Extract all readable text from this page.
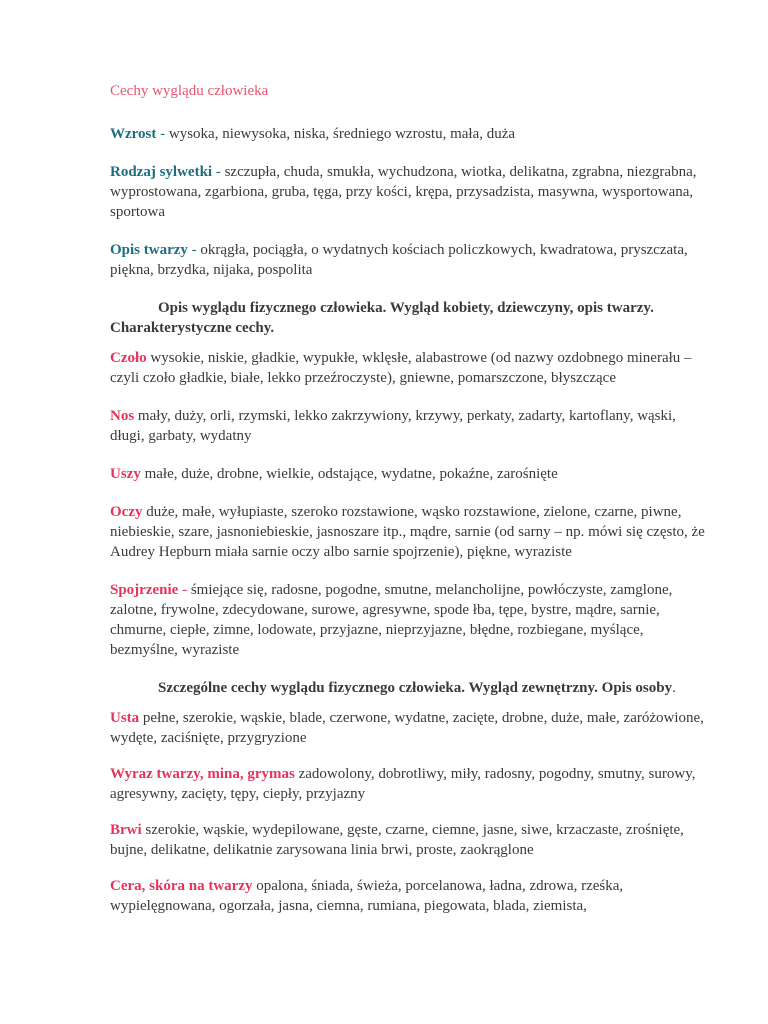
Cechy wyglądu człowieka

Wzrost - wysoka, niewysoka, niska, średniego wzrostu, mała, duża

Rodzaj sylwetki - szczupła, chuda, smukła, wychudzona, wiotka, delikatna, zgrabna, niezgrabna, wyprostowana, zgarbiona, gruba, tęga, przy kości, krępa, przysadzista, masywna, wysportowana, sportowa

Opis twarzy - okrągła, pociągła, o wydatnych kościach policzkowych, kwadratowa, pryszczata, piękna, brzydka, nijaka, pospolita

Opis wyglądu fizycznego człowieka. Wygląd kobiety, dziewczyny, opis twarzy. Charakterystyczne cechy.

Czoło wysokie, niskie, gładkie, wypukłe, wklęsłe, alabastrowe (od nazwy ozdobnego minerału – czyli czoło gładkie, białe, lekko przeźroczyste), gniewne, pomarszczone, błyszczące

Nos mały, duży, orli, rzymski, lekko zakrzywiony, krzywy, perkaty, zadarty, kartoflany, wąski, długi, garbaty, wydatny

Uszy małe, duże, drobne, wielkie, odstające, wydatne, pokaźne, zarośnięte

Oczy duże, małe, wyłupiaste, szeroko rozstawione, wąsko rozstawione, zielone, czarne, piwne, niebieskie, szare, jasnoniebieskie, jasnoszare itp., mądre, sarnie (od sarny – np. mówi się często, że Audrey Hepburn miała sarnie oczy albo sarnie spojrzenie), piękne, wyraziste

Spojrzenie - śmiejące się, radosne, pogodne, smutne, melancholijne, powłóczyste, zamglone, zalotne, frywolne, zdecydowane, surowe, agresywne, spode łba, tępe, bystre, mądre, sarnie, chmurne, ciepłe, zimne, lodowate, przyjazne, nieprzyjazne, błędne, rozbiegane, myślące, bezmyślne, wyraziste

Szczególne cechy wyglądu fizycznego człowieka. Wygląd zewnętrzny. Opis osoby.

Usta pełne, szerokie, wąskie, blade, czerwone, wydatne, zacięte, drobne, duże, małe, zaróżowione, wydęte, zaciśnięte, przygryzione

Wyraz twarzy, mina, grymas zadowolony, dobrotliwy, miły, radosny, pogodny, smutny, surowy, agresywny, zacięty, tępy, ciepły, przyjazny

Brwi szerokie, wąskie, wydepilowane, gęste, czarne, ciemne, jasne, siwe, krzaczaste, zrośnięte, bujne, delikatne, delikatnie zarysowana linia brwi, proste, zaokrąglone

Cera, skóra na twarzy opalona, śniada, świeża, porcelanowa, ładna, zdrowa, rześka, wypielęgnowana, ogorzała, jasna, ciemna, rumiana, piegowata, blada, ziemista,
